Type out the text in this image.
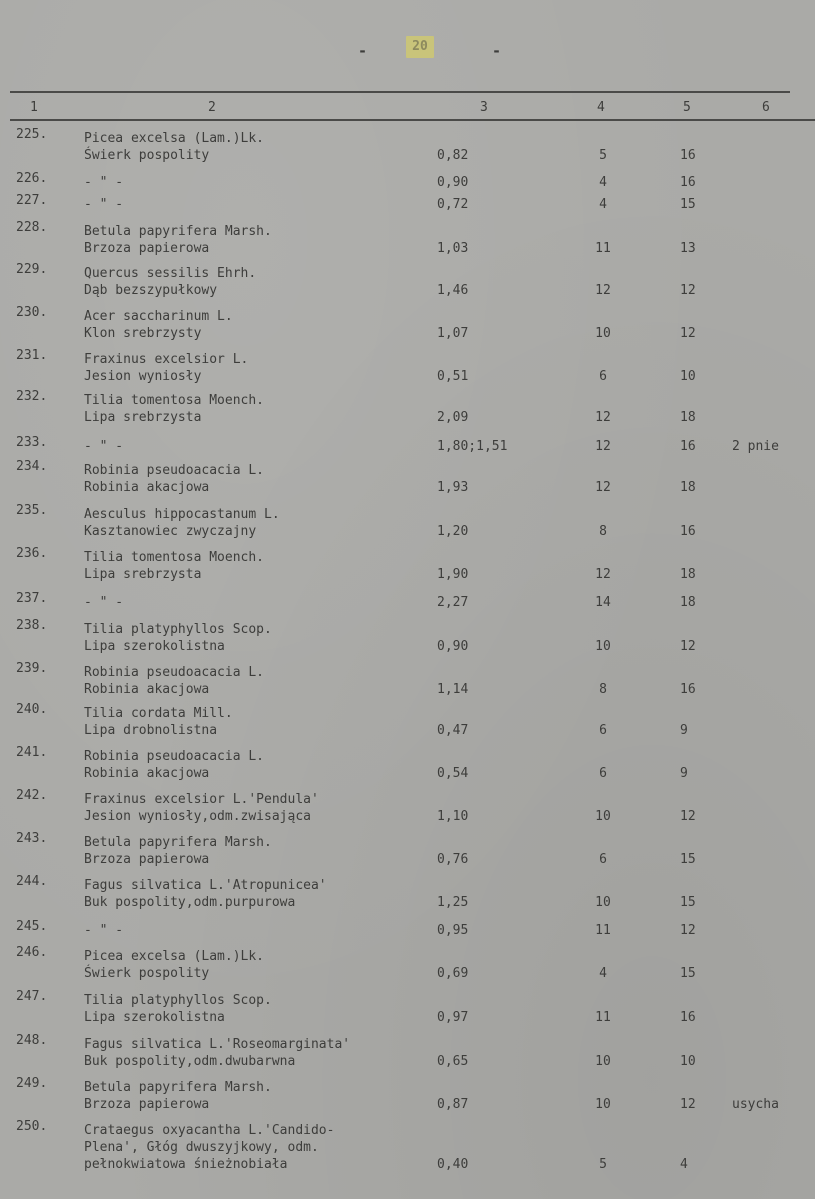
-	20	-
1	2	3	4	5	6
225.	Picea excelsa (Lam.)Lk.
Świerk pospolity	0,82	5	16
226.	- " -	0,90	4	16
227.	- " -	0,72	4	15
228.	Betula papyrifera Marsh.
Brzoza papierowa	1,03	11	13
229.	Quercus sessilis Ehrh.
Dąb bezszypułkowy	1,46	12	12
230.	Acer saccharinum L.
Klon srebrzysty	1,07	10	12
231.	Fraxinus excelsior L.
Jesion wyniosły	0,51	6	10
232.	Tilia tomentosa Moench.
Lipa srebrzysta	2,09	12	18
233.	- " -	1,80;1,51	12	16	2 pnie
234.	Robinia pseudoacacia L.
Robinia akacjowa	1,93	12	18
235.	Aesculus hippocastanum L.
Kasztanowiec zwyczajny	1,20	8	16
236.	Tilia tomentosa Moench.
Lipa srebrzysta	1,90	12	18
237.	- " -	2,27	14	18
238.	Tilia platyphyllos Scop.
Lipa szerokolistna	0,90	10	12
239.	Robinia pseudoacacia L.
Robinia akacjowa	1,14	8	16
240.	Tilia cordata Mill.
Lipa drobnolistna	0,47	6	9
241.	Robinia pseudoacacia L.
Robinia akacjowa	0,54	6	9
242.	Fraxinus excelsior L.'Pendula'
Jesion wyniosły,odm.zwisająca	1,10	10	12
243.	Betula papyrifera Marsh.
Brzoza papierowa	0,76	6	15
244.	Fagus silvatica L.'Atropunicea'
Buk pospolity,odm.purpurowa	1,25	10	15
245.	- " -	0,95	11	12
246.	Picea excelsa (Lam.)Lk.
Świerk pospolity	0,69	4	15
247.	Tilia platyphyllos Scop.
Lipa szerokolistna	0,97	11	16
248.	Fagus silvatica L.'Roseomarginata'
Buk pospolity,odm.dwubarwna	0,65	10	10
249.	Betula papyrifera Marsh.
Brzoza papierowa	0,87	10	12	usycha
250.	Crataegus oxyacantha L.'Candido-
Plena', Głóg dwuszyjkowy, odm.
pełnokwiatowa śnieżnobiała	0,40	5	4
